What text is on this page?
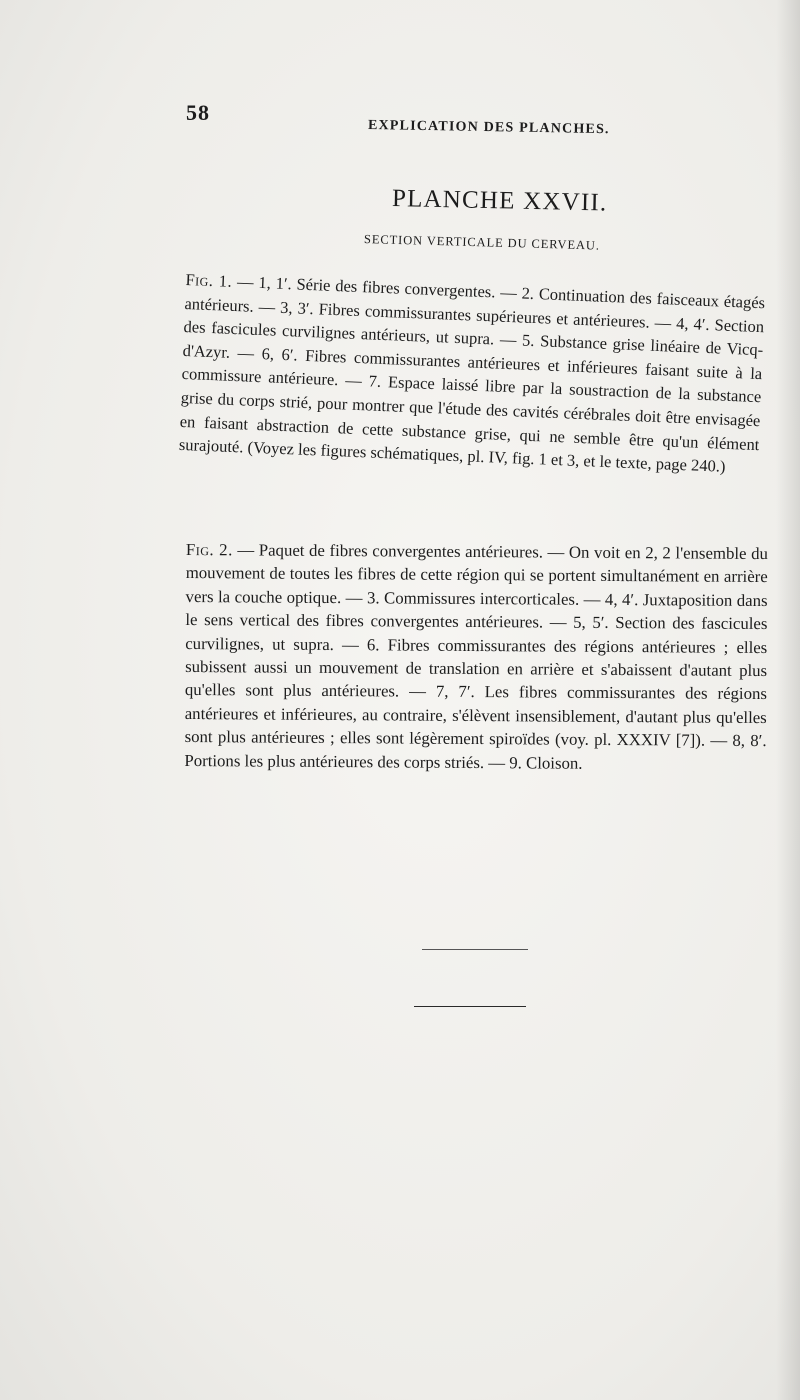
58
EXPLICATION DES PLANCHES.
PLANCHE XXVII.
SECTION VERTICALE DU CERVEAU.
Fig. 1. — 1, 1′. Série des fibres convergentes. — 2. Continuation des faisceaux étagés antérieurs. — 3, 3′. Fibres commissurantes supérieures et antérieures. — 4, 4′. Section des fascicules curvilignes antérieurs, ut supra. — 5. Substance grise linéaire de Vicq-d'Azyr. — 6, 6′. Fibres commissurantes antérieures et inférieures faisant suite à la commissure antérieure. — 7. Espace laissé libre par la soustraction de la substance grise du corps strié, pour montrer que l'étude des cavités cérébrales doit être envisagée en faisant abstraction de cette substance grise, qui ne semble être qu'un élément surajouté. (Voyez les figures schématiques, pl. IV, fig. 1 et 3, et le texte, page 240.)
Fig. 2. — Paquet de fibres convergentes antérieures. — On voit en 2, 2 l'ensemble du mouvement de toutes les fibres de cette région qui se portent simultanément en arrière vers la couche optique. — 3. Commissures intercorticales. — 4, 4′. Juxtaposition dans le sens vertical des fibres convergentes antérieures. — 5, 5′. Section des fascicules curvilignes, ut supra. — 6. Fibres commissurantes des régions antérieures ; elles subissent aussi un mouvement de translation en arrière et s'abaissent d'autant plus qu'elles sont plus antérieures. — 7, 7′. Les fibres commissurantes des régions antérieures et inférieures, au contraire, s'élèvent insensiblement, d'autant plus qu'elles sont plus antérieures ; elles sont légèrement spiroïdes (voy. pl. XXXIV [7]). — 8, 8′. Portions les plus antérieures des corps striés. — 9. Cloison.
